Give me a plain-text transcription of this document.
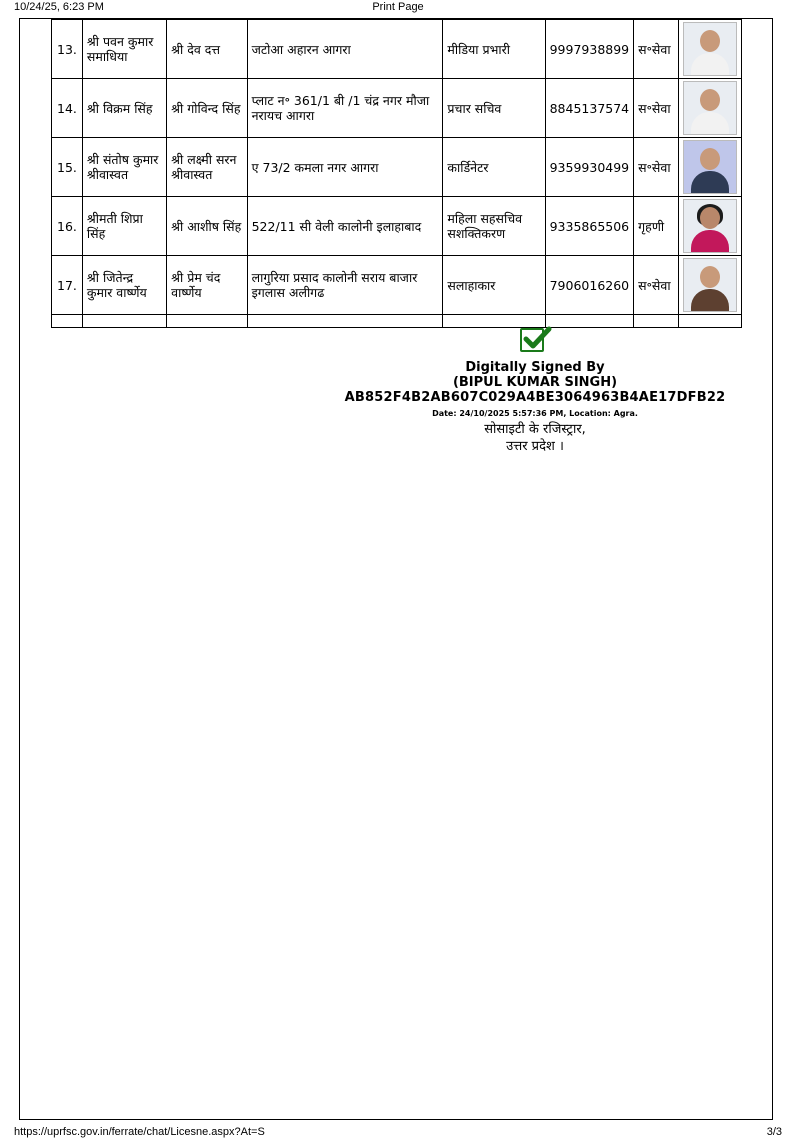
10/24/25, 6:23 PM	Print Page
13.	श्री पवन कुमार समाधिया	श्री देव दत्त	जटोआ अहारन आगरा	मीडिया प्रभारी	9997938899	स॰सेवा	

14.	श्री विक्रम सिंह	श्री गोविन्द सिंह	प्लाट न॰ 361/1 बी /1 चंद्र नगर मौजा नरायच आगरा	प्रचार सचिव	8845137574	स॰सेवा	

15.	श्री संतोष कुमार श्रीवास्वत	श्री लक्ष्मी सरन श्रीवास्वत	ए 73/2 कमला नगर आगरा	कार्डिनेटर	9359930499	स॰सेवा	

16.	श्रीमती शिप्रा सिंह	श्री आशीष सिंह	522/11 सी वेली कालोनी इलाहाबाद	महिला सहसचिव सशक्तिकरण	9335865506	गृहणी	

17.	श्री जितेन्द्र कुमार वार्ष्णेय	श्री प्रेम चंद वार्ष्णेय	लागुरिया प्रसाद कालोनी सराय बाजार इगलास अलीगढ	सलाहाकार	7906016260	स॰सेवा	

Digitally Signed By
(BIPUL KUMAR SINGH)
AB852F4B2AB607C029A4BE3064963B4AE17DFB22
Date: 24/10/2025 5:57:36 PM, Location: Agra.
सोसाइटी के रजिस्ट्रार,
उत्तर प्रदेश ।
https://uprfsc.gov.in/ferrate/chat/Licesne.aspx?At=S	3/3
